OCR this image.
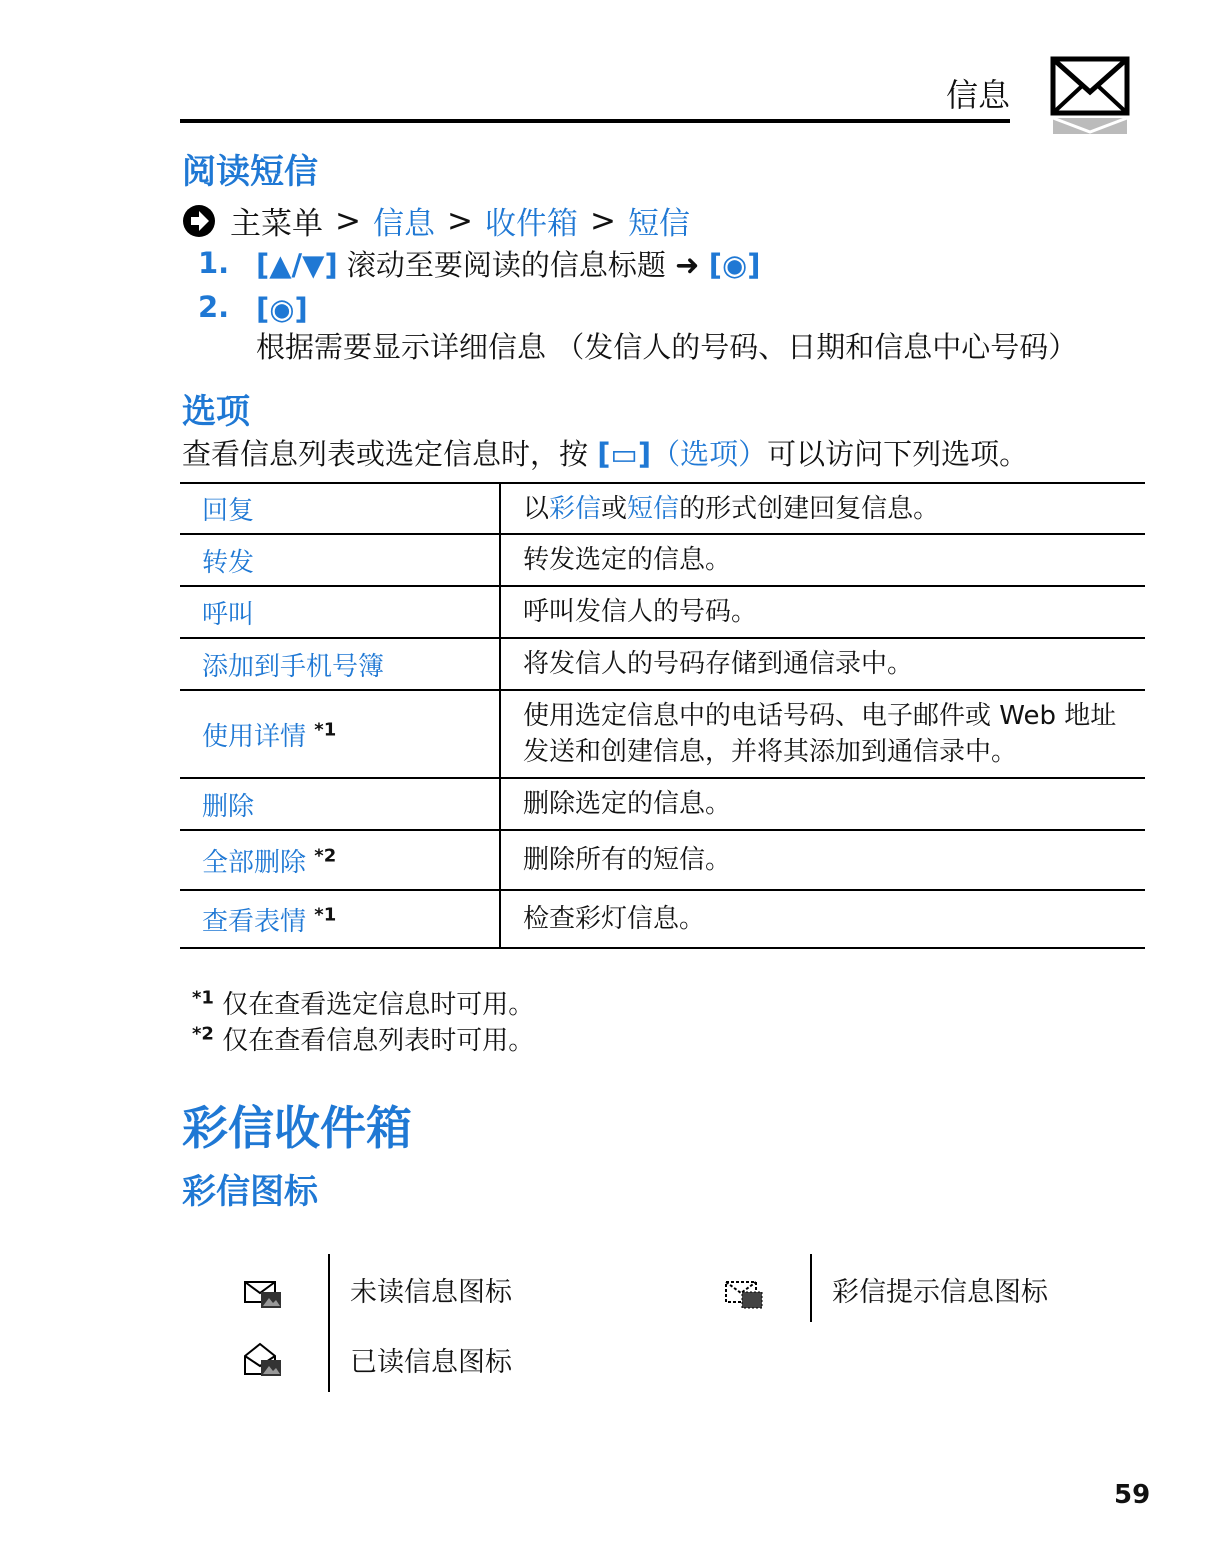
信息
阅读短信
主菜单 > 信息 > 收件箱 > 短信
1. [▲/▼] 滚动至要阅读的信息标题 ➜ [◉]
2. [◉] 根据需要显示详细信息 （发信人的号码、日期和信息中心号码）
选项
查看信息列表或选定信息时，按 [▭]（选项）可以访问下列选项。
回复	以彩信或短信的形式创建回复信息。
转发	转发选定的信息。
呼叫	呼叫发信人的号码。
添加到手机号簿	将发信人的号码存储到通信录中。
使用详情 $^{*1}$	使用选定信息中的电话号码、电子邮件或 Web 地址发送和创建信息，并将其添加到通信录中。
删除	删除选定的信息。
全部删除 $^{*2}$	删除所有的短信。
查看表情 $^{*1}$	检查彩灯信息。
$^{*1}$ 仅在查看选定信息时可用。
$^{*2}$ 仅在查看信息列表时可用。
彩信收件箱
彩信图标
未读信息图标
已读信息图标
彩信提示信息图标
59
